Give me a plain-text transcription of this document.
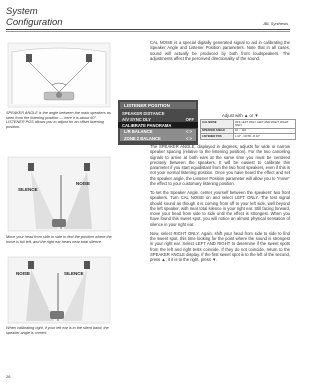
System
Configuration	JBL Synthesis

CAL NOISE is a special digitally generated signal to aid in calibrating the Speaker Angle and Listener Position parameters. Note that in all cases, sound will actually be produced by both front loudspeakers. The adjustments affect the perceived directionality of the sound.

SPEAKER ANGLE is the angle between the main speakers as seen from the listening position — here it is about 60°. LISTENER POS allows you to adjust for an offset listening position.
LISTENER POSITION
SPEAKER DISTANCE
A/V SYNC DLY	OFF
CALIBRATE PANORAMA
L/R BALANCE	< >
ZONE 2 BALANCE	< >
Adjust with ▲ or ▼
CAL NOISE	OFF, LEFT ONLY, LEFT AND RIGHT, RIGHT ONLY
SPEAKER ANGLE	10 ... 110
LISTENER POS	L 10°...CNTR...R 10°

The SPEAKER ANGLE, displayed in degrees, adjusts for wide or narrow speaker spacing (relative to the listening position). For the two canceling signals to arrive at both ears at the same time you must be centered precisely between the speakers. It will be easiest to calibrate this parameter if you start equidistant from the two front speakers, even if this is not your normal listening position. Once you have heard the effect and set the speaker angle, the Listener Position parameter will allow you to "move" the effect to your customary listening position.

To set the Speaker Angle, center yourself between the speakers' two front speakers. Turn CAL NOISE on and select LEFT ONLY. The test signal should sound as though it is coming from off to your left side, well beyond the left speaker, with near total silence in your right ear. Still facing forward, move your head from side to side until the effect is strongest. When you have found this sweet spot, you will notice an almost physical sensation of silence in your right ear.

Now, select RIGHT ONLY. Again, shift your head from side to side to find the sweet spot, this time looking for the point where the sound is strongest in your right ear. Select LEFT AND RIGHT to determine if the sweet spots from the left and right tests coincide. If they do not coincide, return to the SPEAKER ANGLE display. If the first sweet spot is to the left of the second, press ▲; it it is to the right, press ▼.

SILENCE
NOISE
Move your head from side to side to find the position where the noise is full left, and the right ear hears near total silence.
NOISE	SILENCE
When calibrating right, if your left ear is in the silent band, the speaker angle is correct.
26
